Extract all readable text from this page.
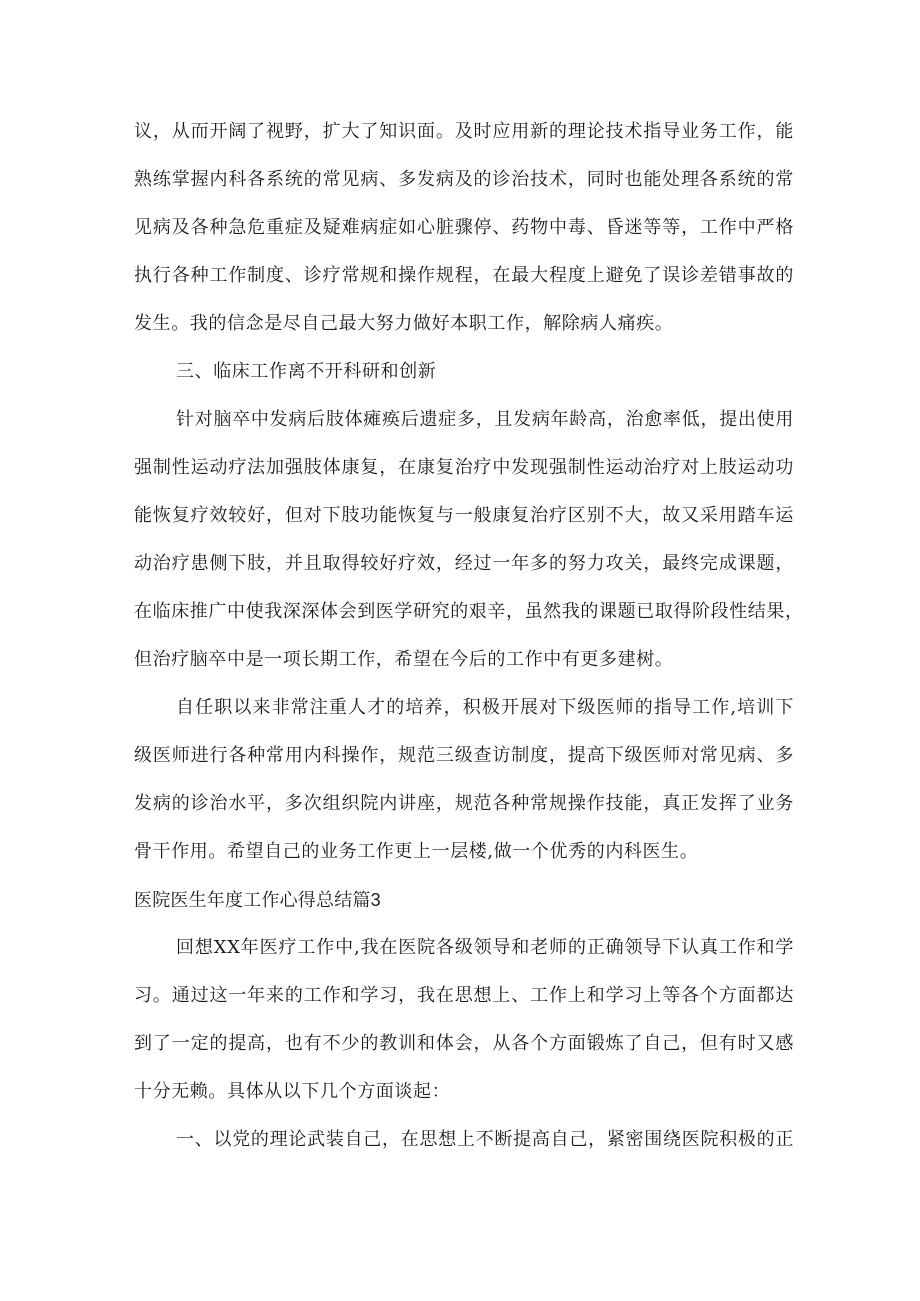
议，从而开阔了视野，扩大了知识面。及时应用新的理论技术指导业务工作，能
熟练掌握内科各系统的常见病、多发病及的诊治技术，同时也能处理各系统的常
见病及各种急危重症及疑难病症如心脏骤停、药物中毒、昏迷等等，工作中严格
执行各种工作制度、诊疗常规和操作规程，在最大程度上避免了误诊差错事故的
发生。我的信念是尽自己最大努力做好本职工作，解除病人痛疾。
三、临床工作离不开科研和创新
针对脑卒中发病后肢体瘫痪后遗症多，且发病年龄高，治愈率低，提出使用
强制性运动疗法加强肢体康复，在康复治疗中发现强制性运动治疗对上肢运动功
能恢复疗效较好，但对下肢功能恢复与一般康复治疗区别不大，故又采用踏车运
动治疗患侧下肢，并且取得较好疗效，经过一年多的努力攻关，最终完成课题，
在临床推广中使我深深体会到医学研究的艰辛，虽然我的课题已取得阶段性结果，
但治疗脑卒中是一项长期工作，希望在今后的工作中有更多建树。
自任职以来非常注重人才的培养，积极开展对下级医师的指导工作,培训下
级医师进行各种常用内科操作，规范三级查访制度，提高下级医师对常见病、多
发病的诊治水平，多次组织院内讲座，规范各种常规操作技能，真正发挥了业务
骨干作用。希望自己的业务工作更上一层楼,做一个优秀的内科医生。
医院医生年度工作心得总结篇3
回想XX年医疗工作中,我在医院各级领导和老师的正确领导下认真工作和学
习。通过这一年来的工作和学习，我在思想上、工作上和学习上等各个方面都达
到了一定的提高，也有不少的教训和体会，从各个方面锻炼了自己，但有时又感
十分无赖。具体从以下几个方面谈起：
一、以党的理论武装自己，在思想上不断提高自己，紧密围绕医院积极的正
